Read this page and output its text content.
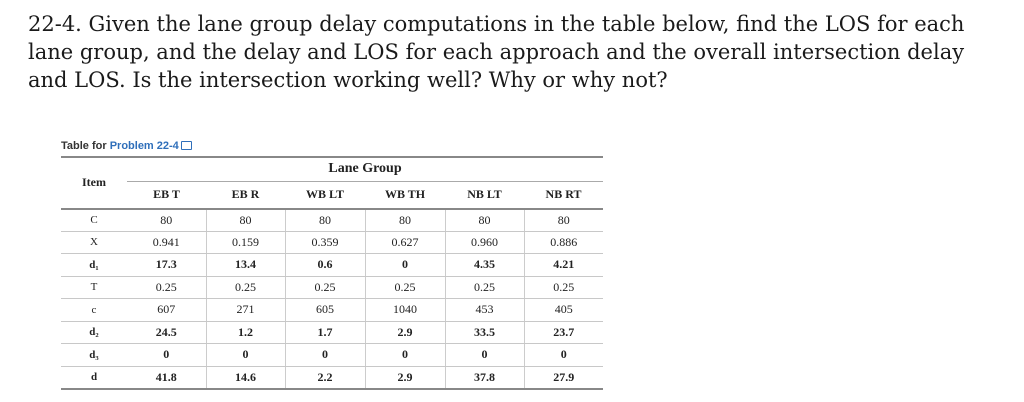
22-4. Given the lane group delay computations in the table below, find the LOS for each lane group, and the delay and LOS for each approach and the overall intersection delay and LOS. Is the intersection working well? Why or why not?

Table for Problem 22-4
Item	Lane Group					
	EB T	EB R	WB LT	WB TH	NB LT	NB RT
C	80	80	80	80	80	80
X	0.941	0.159	0.359	0.627	0.960	0.886
d₁	17.3	13.4	0.6	0	4.35	4.21
T	0.25	0.25	0.25	0.25	0.25	0.25
c	607	271	605	1040	453	405
d₂	24.5	1.2	1.7	2.9	33.5	23.7
d₃	0	0	0	0	0	0
d	41.8	14.6	2.2	2.9	37.8	27.9
